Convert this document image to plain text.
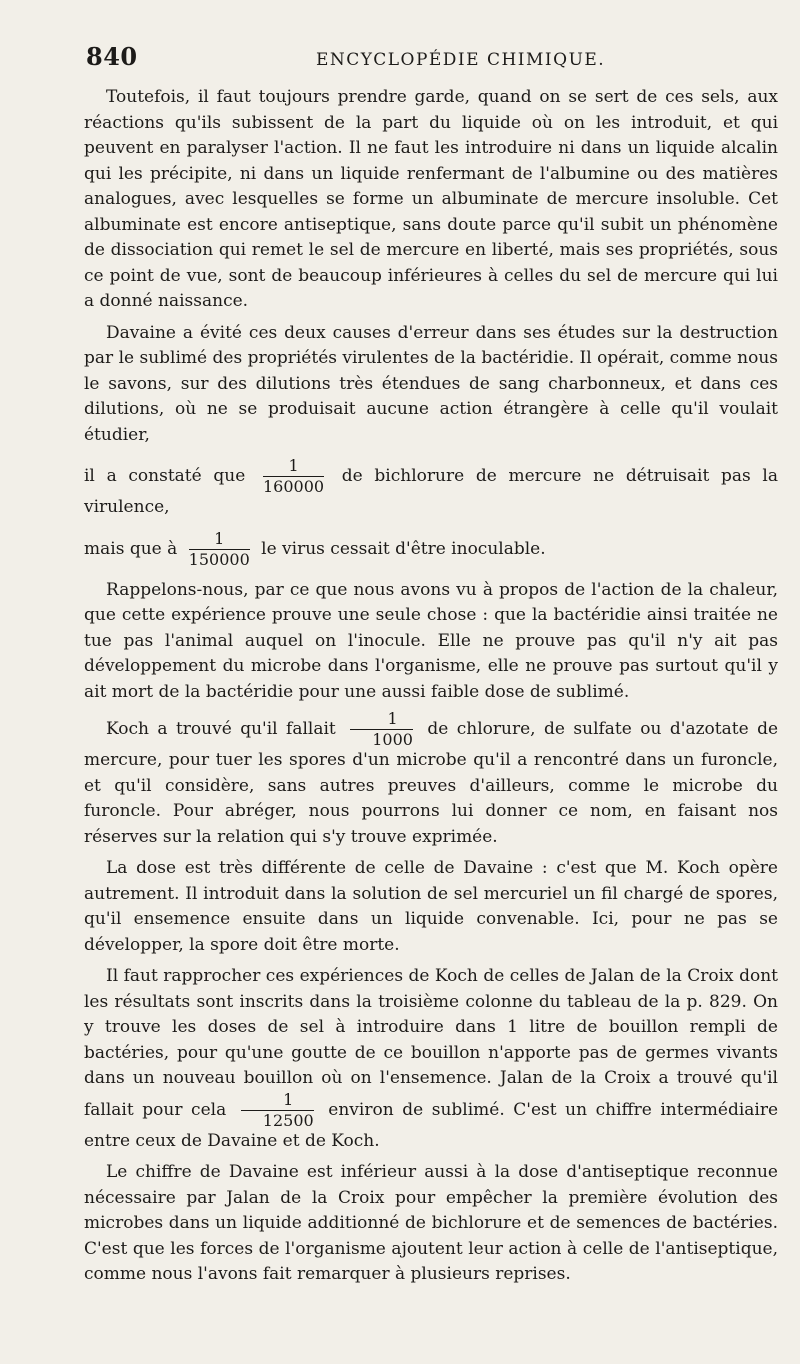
840	ENCYCLOPÉDIE CHIMIQUE.

Toutefois, il faut toujours prendre garde, quand on se sert de ces sels, aux réactions qu'ils subissent de la part du liquide où on les introduit, et qui peuvent en paralyser l'action. Il ne faut les introduire ni dans un liquide alcalin qui les précipite, ni dans un liquide renfermant de l'albumine ou des matières analogues, avec lesquelles se forme un albuminate de mercure insoluble. Cet albuminate est encore antiseptique, sans doute parce qu'il subit un phénomène de dissociation qui remet le sel de mercure en liberté, mais ses propriétés, sous ce point de vue, sont de beaucoup inférieures à celles du sel de mercure qui lui a donné naissance.

Davaine a évité ces deux causes d'erreur dans ses études sur la destruction par le sublimé des propriétés virulentes de la bactéridie. Il opérait, comme nous le savons, sur des dilutions très étendues de sang charbonneux, et dans ces dilutions, où ne se produisait aucune action étrangère à celle qu'il voulait étudier,

il a constaté que $\frac{1}{160000}$ de bichlorure de mercure ne détruisait pas la virulence,

mais que à $\frac{1}{150000}$ le virus cessait d'être inoculable.

Rappelons-nous, par ce que nous avons vu à propos de l'action de la chaleur, que cette expérience prouve une seule chose : que la bactéridie ainsi traitée ne tue pas l'animal auquel on l'inocule. Elle ne prouve pas qu'il n'y ait pas développement du microbe dans l'organisme, elle ne prouve pas surtout qu'il y ait mort de la bactéridie pour une aussi faible dose de sublimé.

Koch a trouvé qu'il fallait $\frac{1}{1000}$ de chlorure, de sulfate ou d'azotate de mercure, pour tuer les spores d'un microbe qu'il a rencontré dans un furoncle, et qu'il considère, sans autres preuves d'ailleurs, comme le microbe du furoncle. Pour abréger, nous pourrons lui donner ce nom, en faisant nos réserves sur la relation qui s'y trouve exprimée.

La dose est très différente de celle de Davaine : c'est que M. Koch opère autrement. Il introduit dans la solution de sel mercuriel un fil chargé de spores, qu'il ensemence ensuite dans un liquide convenable. Ici, pour ne pas se développer, la spore doit être morte.

Il faut rapprocher ces expériences de Koch de celles de Jalan de la Croix dont les résultats sont inscrits dans la troisième colonne du tableau de la p. 829. On y trouve les doses de sel à introduire dans 1 litre de bouillon rempli de bactéries, pour qu'une goutte de ce bouillon n'apporte pas de germes vivants dans un nouveau bouillon où on l'ensemence. Jalan de la Croix a trouvé qu'il fallait pour cela $\frac{1}{12500}$ environ de sublimé. C'est un chiffre intermédiaire entre ceux de Davaine et de Koch.

Le chiffre de Davaine est inférieur aussi à la dose d'antiseptique reconnue nécessaire par Jalan de la Croix pour empêcher la première évolution des microbes dans un liquide additionné de bichlorure et de semences de bactéries. C'est que les forces de l'organisme ajoutent leur action à celle de l'antiseptique, comme nous l'avons fait remarquer à plusieurs reprises.
